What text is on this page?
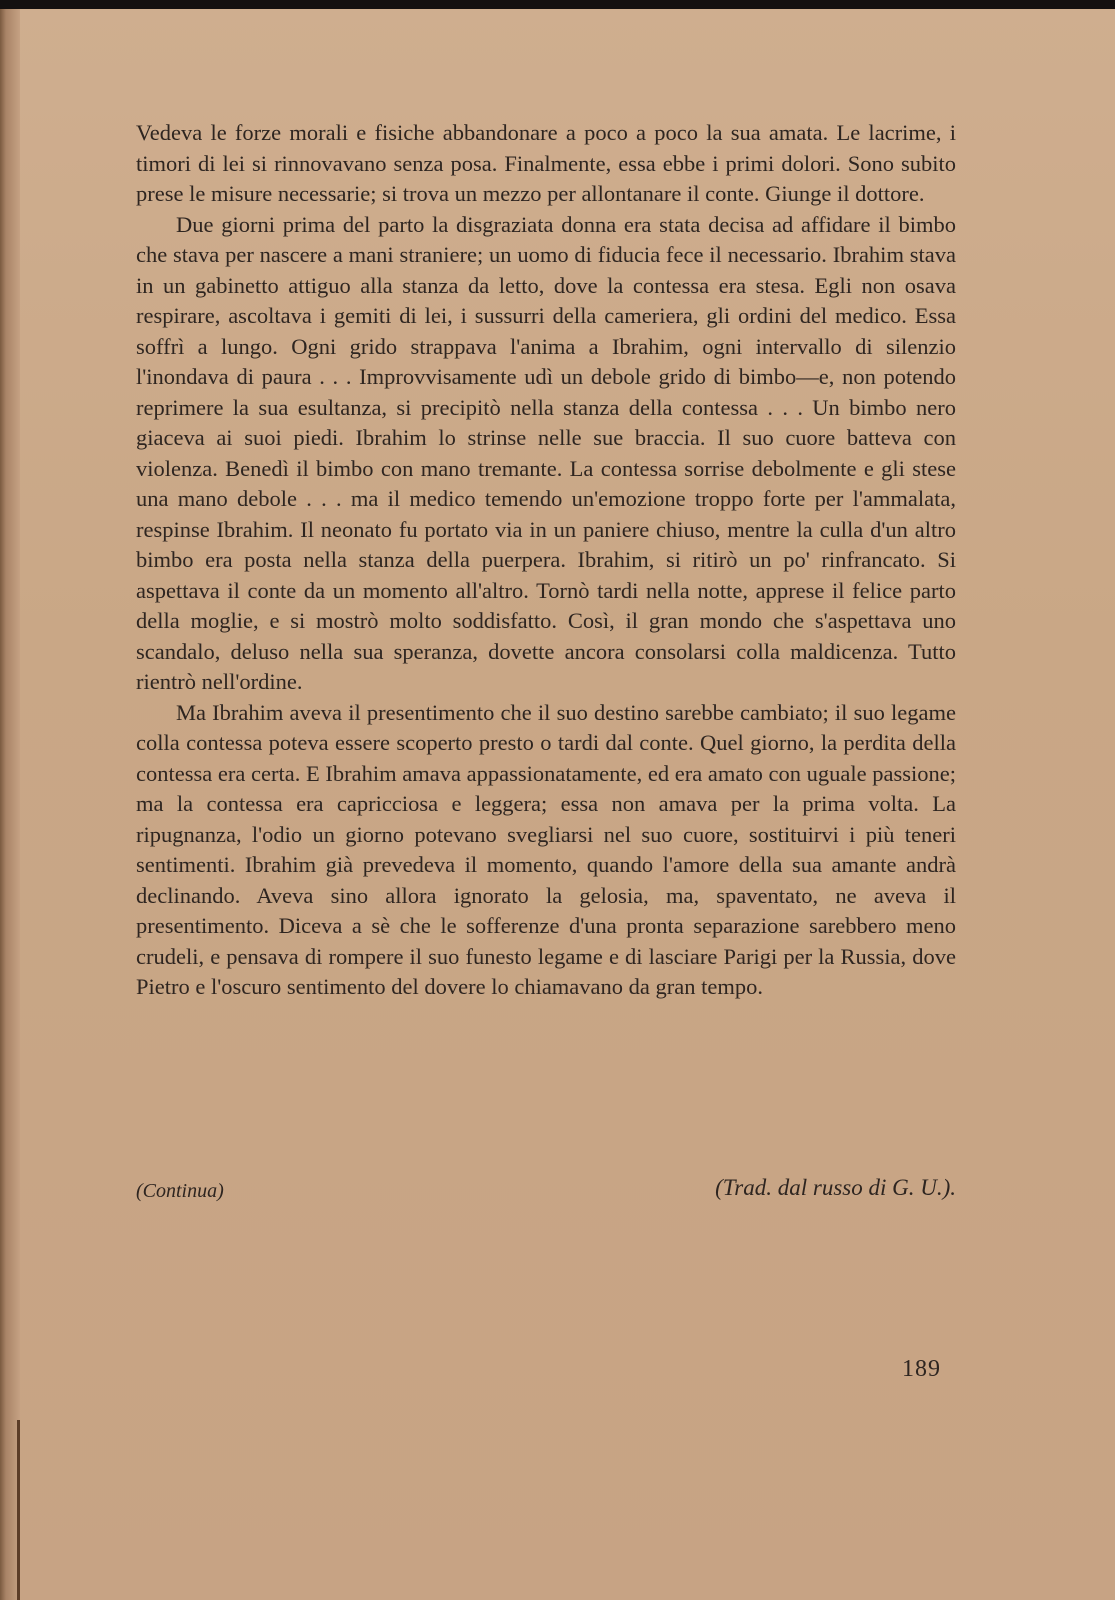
Vedeva le forze morali e fisiche abbandonare a poco a poco la sua amata. Le lacrime, i timori di lei si rinnovavano senza posa. Finalmente, essa ebbe i primi dolori. Sono subito prese le misure necessarie; si trova un mezzo per allontanare il conte. Giunge il dottore.

Due giorni prima del parto la disgraziata donna era stata decisa ad affidare il bimbo che stava per nascere a mani straniere; un uomo di fiducia fece il necessario. Ibrahim stava in un gabinetto attiguo alla stanza da letto, dove la contessa era stesa. Egli non osava respirare, ascoltava i gemiti di lei, i sussurri della cameriera, gli ordini del medico. Essa soffrì a lungo. Ogni grido strappava l'anima a Ibrahim, ogni intervallo di silenzio l'inondava di paura . . . Improvvisamente udì un debole grido di bimbo—e, non potendo reprimere la sua esultanza, si precipitò nella stanza della contessa . . . Un bimbo nero giaceva ai suoi piedi. Ibrahim lo strinse nelle sue braccia. Il suo cuore batteva con violenza. Benedì il bimbo con mano tremante. La contessa sorrise debolmente e gli stese una mano debole . . . ma il medico temendo un'emozione troppo forte per l'ammalata, respinse Ibrahim. Il neonato fu portato via in un paniere chiuso, mentre la culla d'un altro bimbo era posta nella stanza della puerpera. Ibrahim, si ritirò un po' rinfrancato. Si aspettava il conte da un momento all'altro. Tornò tardi nella notte, apprese il felice parto della moglie, e si mostrò molto soddisfatto. Così, il gran mondo che s'aspettava uno scandalo, deluso nella sua speranza, dovette ancora consolarsi colla maldicenza. Tutto rientrò nell'ordine.

Ma Ibrahim aveva il presentimento che il suo destino sarebbe cambiato; il suo legame colla contessa poteva essere scoperto presto o tardi dal conte. Quel giorno, la perdita della contessa era certa. E Ibrahim amava appassionatamente, ed era amato con uguale passione; ma la contessa era capricciosa e leggera; essa non amava per la prima volta. La ripugnanza, l'odio un giorno potevano svegliarsi nel suo cuore, sostituirvi i più teneri sentimenti. Ibrahim già prevedeva il momento, quando l'amore della sua amante andrà declinando. Aveva sino allora ignorato la gelosia, ma, spaventato, ne aveva il presentimento. Diceva a sè che le sofferenze d'una pronta separazione sarebbero meno crudeli, e pensava di rompere il suo funesto legame e di lasciare Parigi per la Russia, dove Pietro e l'oscuro sentimento del dovere lo chiamavano da gran tempo.

(Continua)	(Trad. dal russo di G. U.).
189
